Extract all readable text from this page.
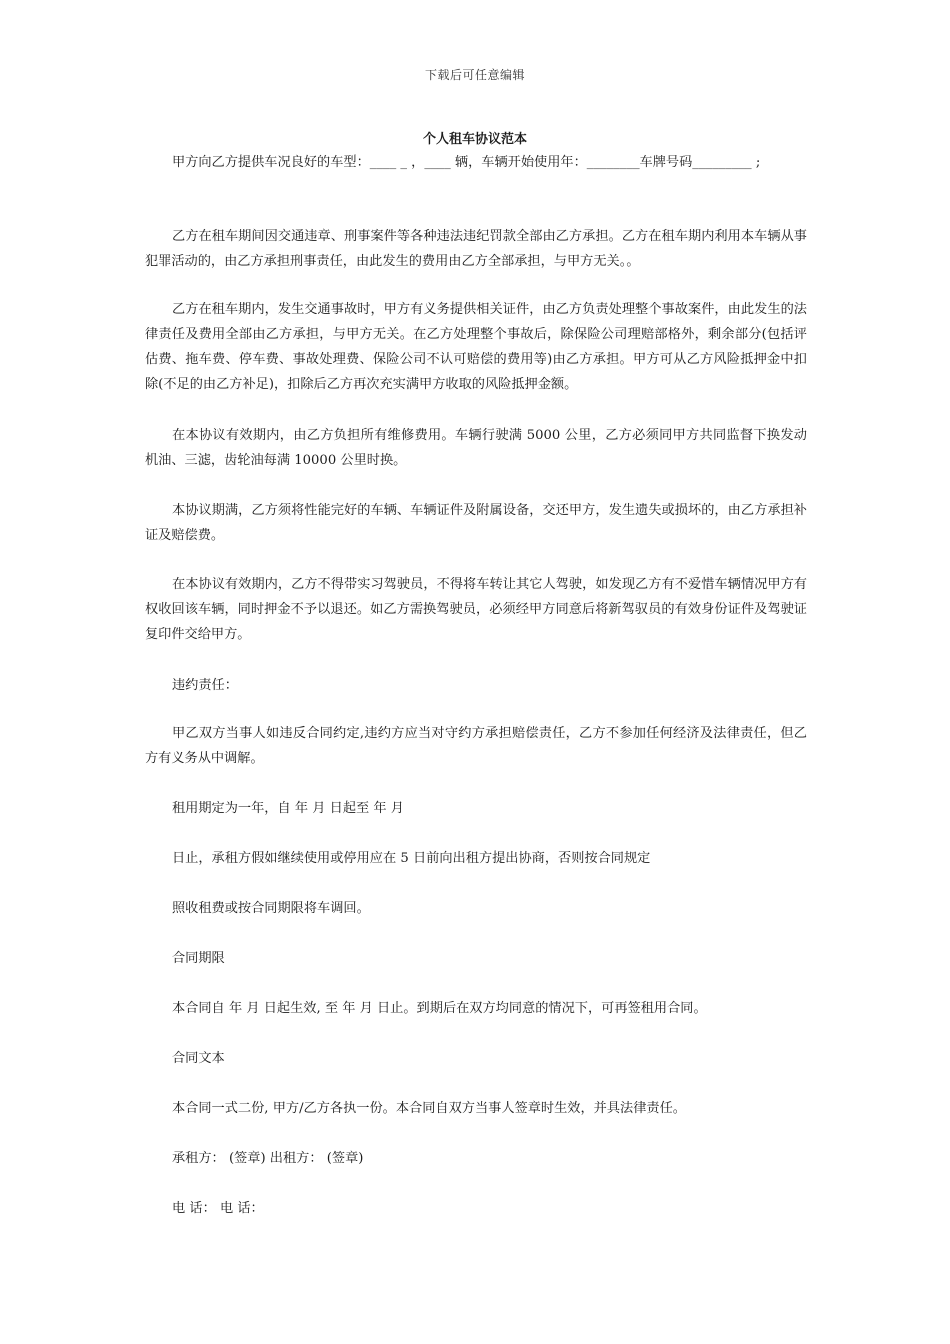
下载后可任意编辑
个人租车协议范本

甲方向乙方提供车况良好的车型：____ _ ，____ 辆，车辆开始使用年：________车牌号码_________ ;

乙方在租车期间因交通违章、刑事案件等各种违法违纪罚款全部由乙方承担。乙方在租车期内利用本车辆从事犯罪活动的，由乙方承担刑事责任，由此发生的费用由乙方全部承担，与甲方无关。。

乙方在租车期内，发生交通事故时，甲方有义务提供相关证件，由乙方负责处理整个事故案件，由此发生的法律责任及费用全部由乙方承担，与甲方无关。在乙方处理整个事故后，除保险公司理赔部格外，剩余部分(包括评估费、拖车费、停车费、事故处理费、保险公司不认可赔偿的费用等)由乙方承担。甲方可从乙方风险抵押金中扣除(不足的由乙方补足)，扣除后乙方再次充实满甲方收取的风险抵押金额。

在本协议有效期内，由乙方负担所有维修费用。车辆行驶满 5000 公里，乙方必须同甲方共同监督下换发动机油、三滤，齿轮油每满 10000 公里时换。

本协议期满，乙方须将性能完好的车辆、车辆证件及附属设备，交还甲方，发生遗失或损坏的，由乙方承担补证及赔偿费。

在本协议有效期内，乙方不得带实习驾驶员，不得将车转让其它人驾驶，如发现乙方有不爱惜车辆情况甲方有权收回该车辆，同时押金不予以退还。如乙方需换驾驶员，必须经甲方同意后将新驾驭员的有效身份证件及驾驶证复印件交给甲方。

违约责任：

甲乙双方当事人如违反合同约定,违约方应当对守约方承担赔偿责任，乙方不参加任何经济及法律责任，但乙方有义务从中调解。

租用期定为一年，自 年 月 日起至 年 月

日止，承租方假如继续使用或停用应在 5 日前向出租方提出协商，否则按合同规定

照收租费或按合同期限将车调回。

合同期限

本合同自 年 月 日起生效, 至 年 月 日止。到期后在双方均同意的情况下，可再签租用合同。

合同文本

本合同一式二份, 甲方/乙方各执一份。本合同自双方当事人签章时生效，并具法律责任。

承租方： (签章) 出租方： (签章)

电 话： 电 话：
